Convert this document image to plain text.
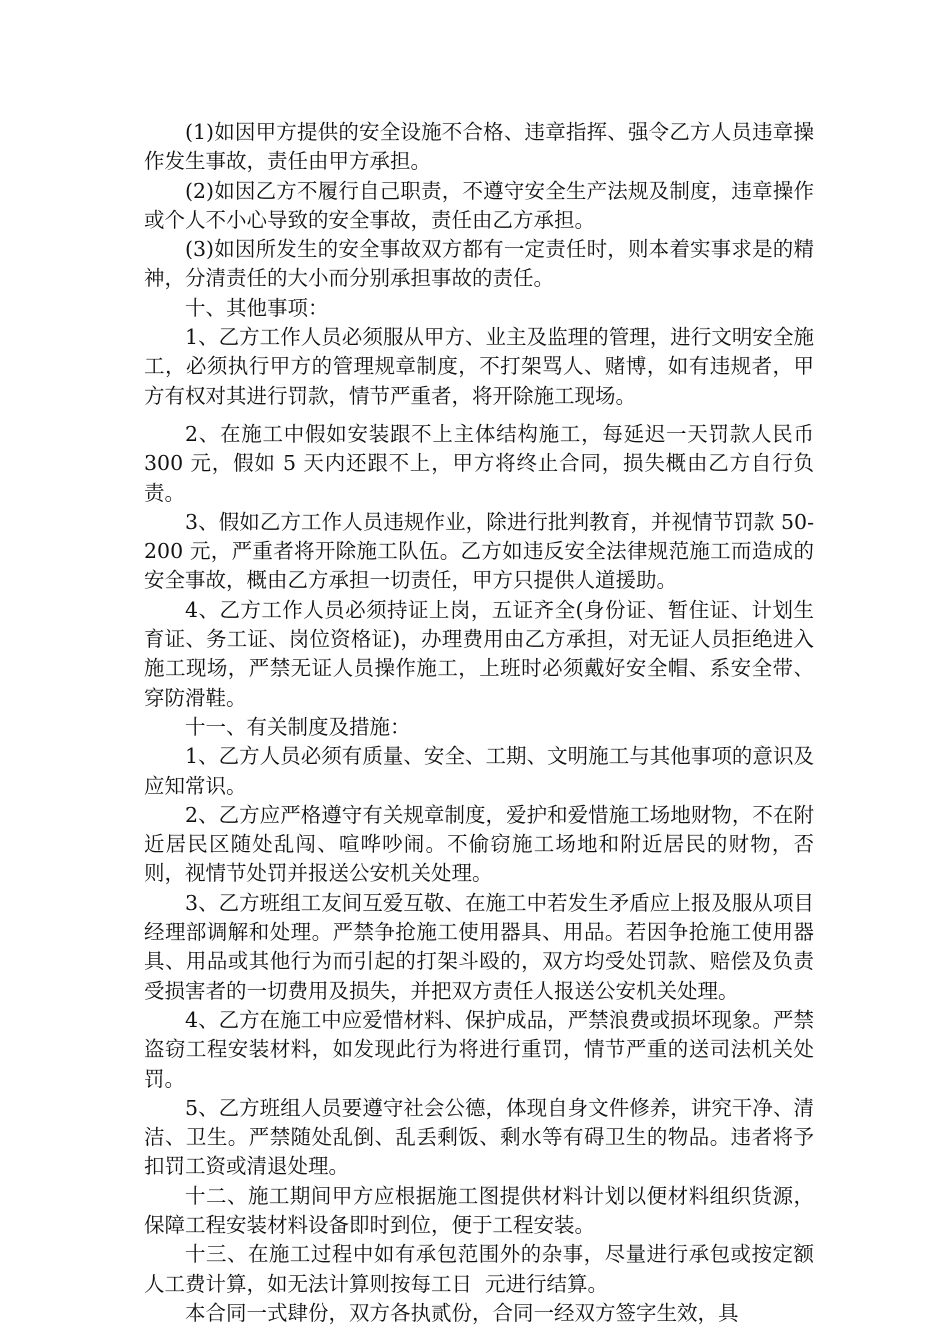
(1)如因甲方提供的安全设施不合格、违章指挥、强令乙方人员违章操作发生事故，责任由甲方承担。

(2)如因乙方不履行自己职责，不遵守安全生产法规及制度，违章操作或个人不小心导致的安全事故，责任由乙方承担。

(3)如因所发生的安全事故双方都有一定责任时，则本着实事求是的精神，分清责任的大小而分别承担事故的责任。

十、其他事项：

1、乙方工作人员必须服从甲方、业主及监理的管理，进行文明安全施工，必须执行甲方的管理规章制度，不打架骂人、赌博，如有违规者，甲方有权对其进行罚款，情节严重者，将开除施工现场。

2、在施工中假如安装跟不上主体结构施工，每延迟一天罚款人民币 300 元，假如 5 天内还跟不上，甲方将终止合同，损失概由乙方自行负责。

3、假如乙方工作人员违规作业，除进行批判教育，并视情节罚款 50-200 元，严重者将开除施工队伍。乙方如违反安全法律规范施工而造成的安全事故，概由乙方承担一切责任，甲方只提供人道援助。

4、乙方工作人员必须持证上岗，五证齐全(身份证、暂住证、计划生育证、务工证、岗位资格证)，办理费用由乙方承担，对无证人员拒绝进入施工现场，严禁无证人员操作施工，上班时必须戴好安全帽、系安全带、穿防滑鞋。

十一、有关制度及措施：

1、乙方人员必须有质量、安全、工期、文明施工与其他事项的意识及应知常识。

2、乙方应严格遵守有关规章制度，爱护和爱惜施工场地财物，不在附近居民区随处乱闯、喧哗吵闹。不偷窃施工场地和附近居民的财物，否则，视情节处罚并报送公安机关处理。

3、乙方班组工友间互爱互敬、在施工中若发生矛盾应上报及服从项目经理部调解和处理。严禁争抢施工使用器具、用品。若因争抢施工使用器具、用品或其他行为而引起的打架斗殴的，双方均受处罚款、赔偿及负责受损害者的一切费用及损失，并把双方责任人报送公安机关处理。

4、乙方在施工中应爱惜材料、保护成品，严禁浪费或损坏现象。严禁盗窃工程安装材料，如发现此行为将进行重罚，情节严重的送司法机关处罚。

5、乙方班组人员要遵守社会公德，体现自身文件修养，讲究干净、清洁、卫生。严禁随处乱倒、乱丢剩饭、剩水等有碍卫生的物品。违者将予扣罚工资或清退处理。

十二、施工期间甲方应根据施工图提供材料计划以便材料组织货源，保障工程安装材料设备即时到位，便于工程安装。

十三、在施工过程中如有承包范围外的杂事，尽量进行承包或按定额人工费计算，如无法计算则按每工日  元进行结算。

本合同一式肆份，双方各执贰份，合同一经双方签字生效，具
